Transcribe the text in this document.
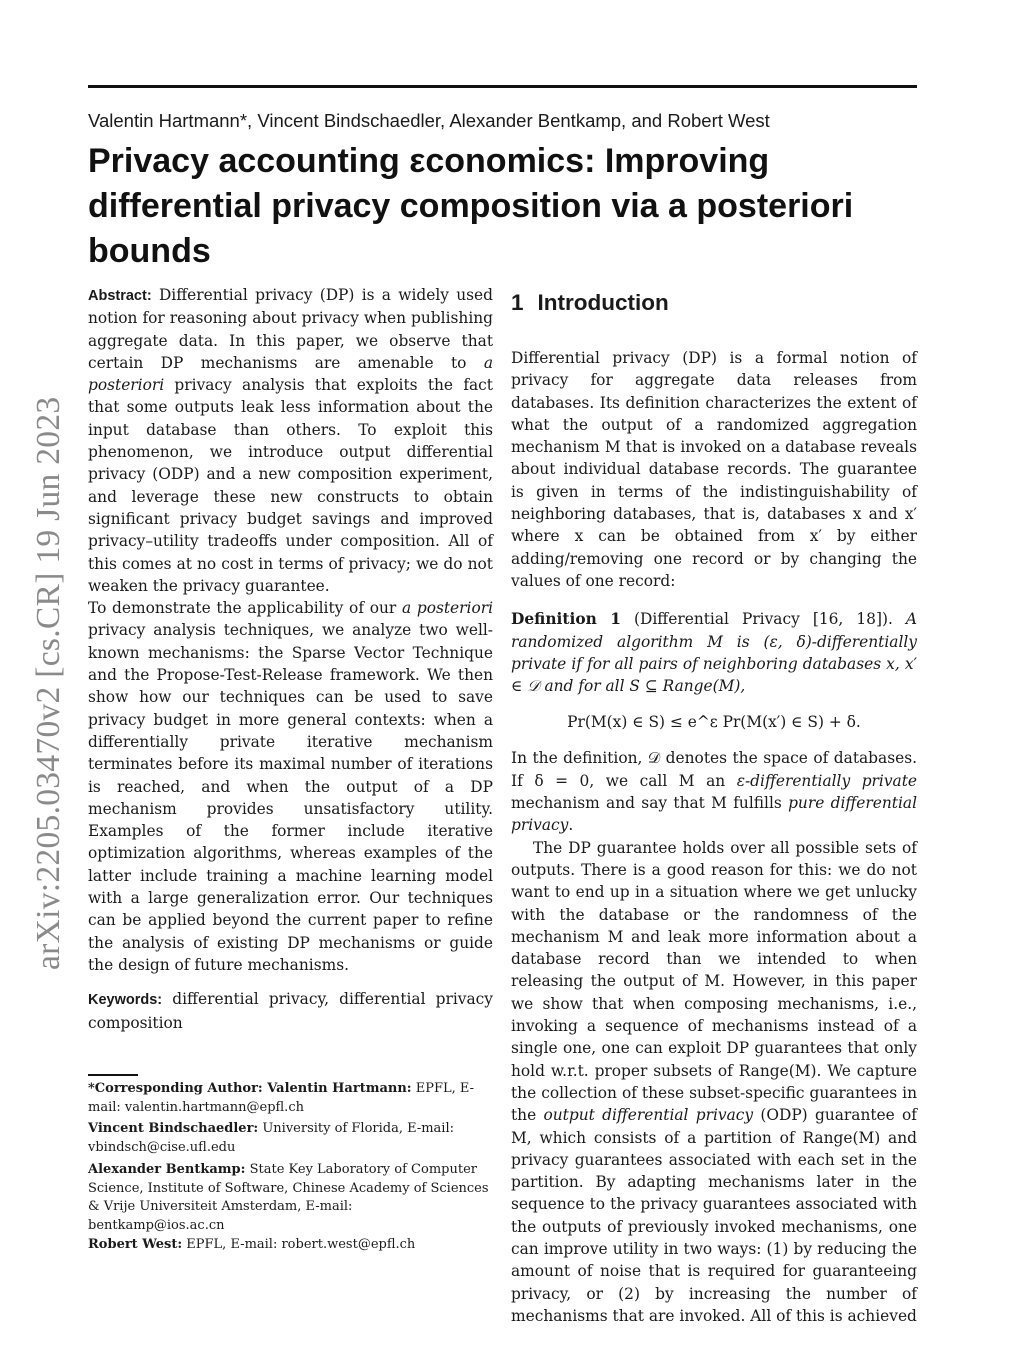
Valentin Hartmann*, Vincent Bindschaedler, Alexander Bentkamp, and Robert West
Privacy accounting εconomics: Improving differential privacy composition via a posteriori bounds
arXiv:2205.03470v2 [cs.CR] 19 Jun 2023

Abstract: Differential privacy (DP) is a widely used notion for reasoning about privacy when publishing aggregate data. In this paper, we observe that certain DP mechanisms are amenable to a posteriori privacy analysis that exploits the fact that some outputs leak less information about the input database than others. To exploit this phenomenon, we introduce output differential privacy (ODP) and a new composition experiment, and leverage these new constructs to obtain significant privacy budget savings and improved privacy–utility tradeoffs under composition. All of this comes at no cost in terms of privacy; we do not weaken the privacy guarantee.

To demonstrate the applicability of our a posteriori privacy analysis techniques, we analyze two well-known mechanisms: the Sparse Vector Technique and the Propose-Test-Release framework. We then show how our techniques can be used to save privacy budget in more general contexts: when a differentially private iterative mechanism terminates before its maximal number of iterations is reached, and when the output of a DP mechanism provides unsatisfactory utility. Examples of the former include iterative optimization algorithms, whereas examples of the latter include training a machine learning model with a large generalization error. Our techniques can be applied beyond the current paper to refine the analysis of existing DP mechanisms or guide the design of future mechanisms.

Keywords: differential privacy, differential privacy composition

*Corresponding Author: Valentin Hartmann: EPFL, E-mail: valentin.hartmann@epfl.ch

Vincent Bindschaedler: University of Florida, E-mail: vbindsch@cise.ufl.edu

Alexander Bentkamp: State Key Laboratory of Computer Science, Institute of Software, Chinese Academy of Sciences & Vrije Universiteit Amsterdam, E-mail: bentkamp@ios.ac.cn

Robert West: EPFL, E-mail: robert.west@epfl.ch

1 Introduction

Differential privacy (DP) is a formal notion of privacy for aggregate data releases from databases. Its definition characterizes the extent of what the output of a randomized aggregation mechanism M that is invoked on a database reveals about individual database records. The guarantee is given in terms of the indistinguishability of neighboring databases, that is, databases x and x′ where x can be obtained from x′ by either adding/removing one record or by changing the values of one record:

Definition 1 (Differential Privacy [16, 18]). A randomized algorithm M is (ε, δ)-differentially private if for all pairs of neighboring databases x, x′ ∈ 𝒟 and for all S ⊆ Range(M),

Pr(M(x) ∈ S) ≤ e^ε Pr(M(x′) ∈ S) + δ.

In the definition, 𝒟 denotes the space of databases. If δ = 0, we call M an ε-differentially private mechanism and say that M fulfills pure differential privacy.

The DP guarantee holds over all possible sets of outputs. There is a good reason for this: we do not want to end up in a situation where we get unlucky with the database or the randomness of the mechanism M and leak more information about a database record than we intended to when releasing the output of M. However, in this paper we show that when composing mechanisms, i.e., invoking a sequence of mechanisms instead of a single one, one can exploit DP guarantees that only hold w.r.t. proper subsets of Range(M). We capture the collection of these subset-specific guarantees in the output differential privacy (ODP) guarantee of M, which consists of a partition of Range(M) and privacy guarantees associated with each set in the partition. By adapting mechanisms later in the sequence to the privacy guarantees associated with the outputs of previously invoked mechanisms, one can improve utility in two ways: (1) by reducing the amount of noise that is required for guaranteeing privacy, or (2) by increasing the number of mechanisms that are invoked. All of this is achieved
